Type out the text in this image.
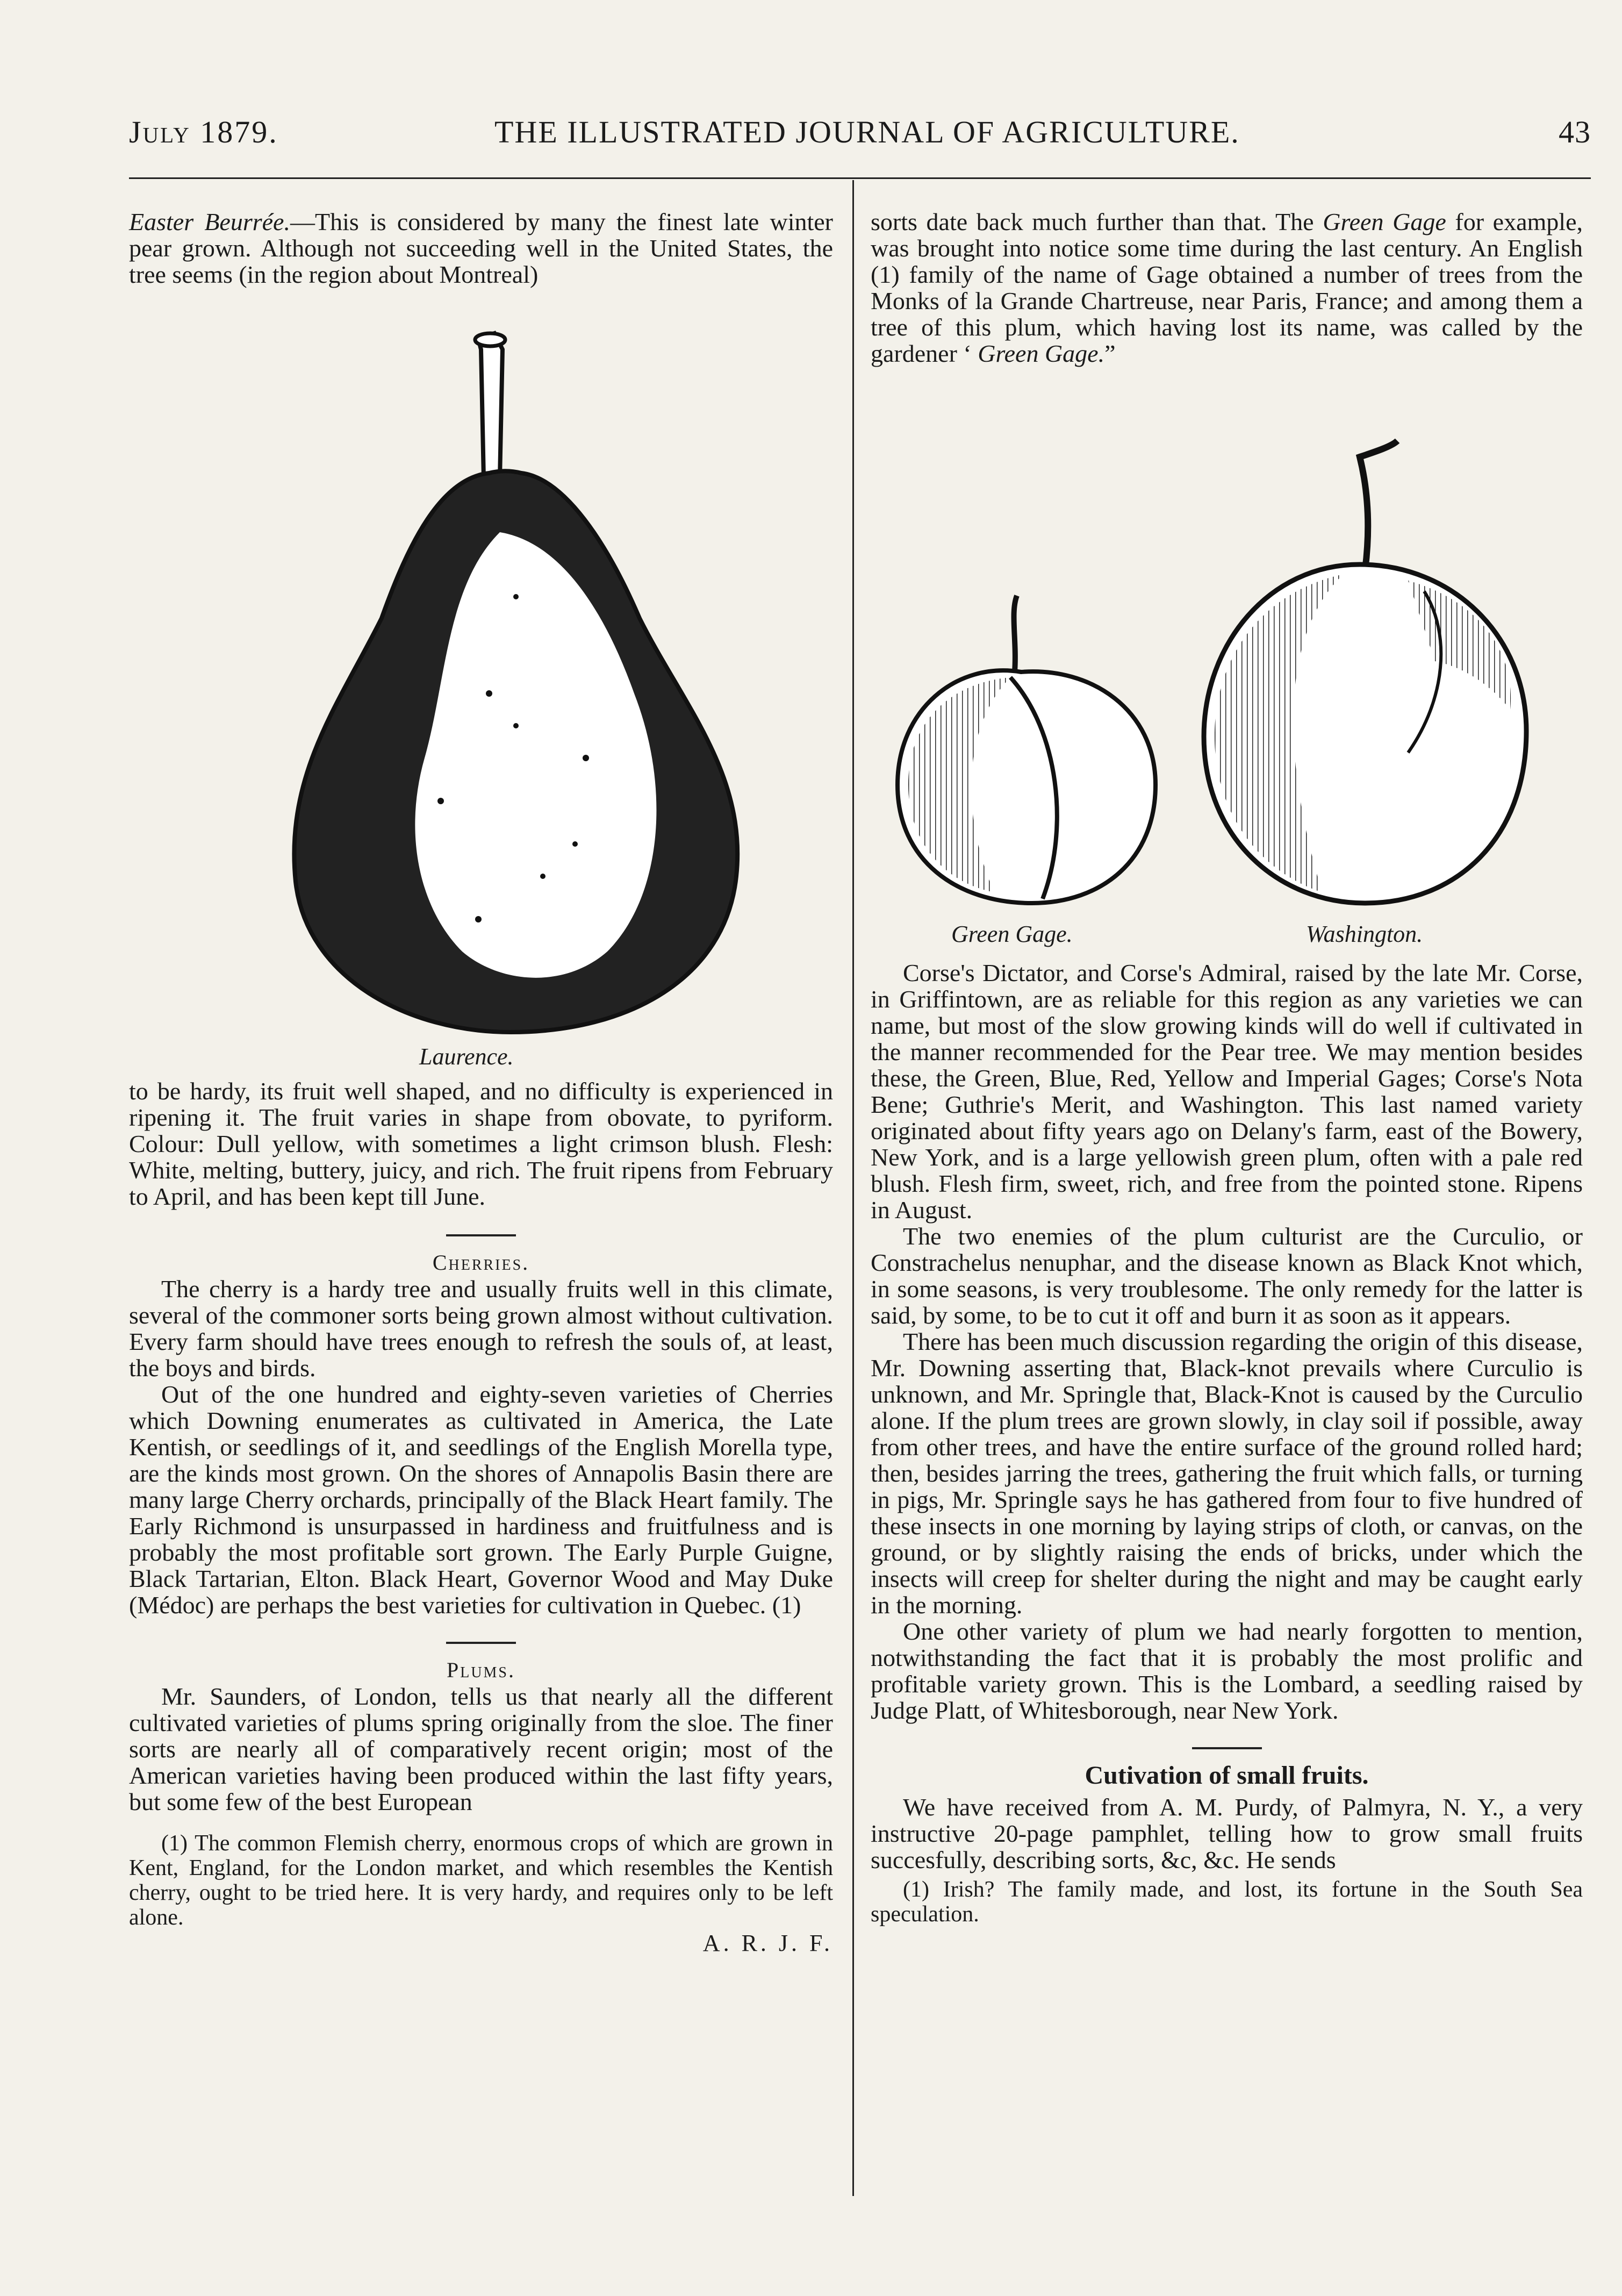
July 1879.	THE ILLUSTRATED JOURNAL OF AGRICULTURE.	43

Easter Beurrée.—This is considered by many the finest late winter pear grown. Although not succeeding well in the United States, the tree seems (in the region about Montreal)

Laurence.

to be hardy, its fruit well shaped, and no difficulty is experienced in ripening it. The fruit varies in shape from obovate, to pyriform. Colour: Dull yellow, with sometimes a light crimson blush. Flesh: White, melting, buttery, juicy, and rich. The fruit ripens from February to April, and has been kept till June.

Cherries.

The cherry is a hardy tree and usually fruits well in this climate, several of the commoner sorts being grown almost without cultivation. Every farm should have trees enough to refresh the souls of, at least, the boys and birds.

Out of the one hundred and eighty-seven varieties of Cherries which Downing enumerates as cultivated in America, the Late Kentish, or seedlings of it, and seedlings of the English Morella type, are the kinds most grown. On the shores of Annapolis Basin there are many large Cherry orchards, principally of the Black Heart family. The Early Richmond is unsurpassed in hardiness and fruitfulness and is probably the most profitable sort grown. The Early Purple Guigne, Black Tartarian, Elton. Black Heart, Governor Wood and May Duke (Médoc) are perhaps the best varieties for cultivation in Quebec. (1)

Plums.

Mr. Saunders, of London, tells us that nearly all the different cultivated varieties of plums spring originally from the sloe. The finer sorts are nearly all of comparatively recent origin; most of the American varieties having been produced within the last fifty years, but some few of the best European

(1) The common Flemish cherry, enormous crops of which are grown in Kent, England, for the London market, and which resembles the Kentish cherry, ought to be tried here. It is very hardy, and requires only to be left alone.

A. R. J. F.

sorts date back much further than that. The Green Gage for example, was brought into notice some time during the last century. An English (1) family of the name of Gage obtained a number of trees from the Monks of la Grande Chartreuse, near Paris, France; and among them a tree of this plum, which having lost its name, was called by the gardener ‘ Green Gage.”

Green Gage.	Washington.

Corse's Dictator, and Corse's Admiral, raised by the late Mr. Corse, in Griffintown, are as reliable for this region as any varieties we can name, but most of the slow growing kinds will do well if cultivated in the manner recommended for the Pear tree. We may mention besides these, the Green, Blue, Red, Yellow and Imperial Gages; Corse's Nota Bene; Guthrie's Merit, and Washington. This last named variety originated about fifty years ago on Delany's farm, east of the Bowery, New York, and is a large yellowish green plum, often with a pale red blush. Flesh firm, sweet, rich, and free from the pointed stone. Ripens in August.

The two enemies of the plum culturist are the Curculio, or Constrachelus nenuphar, and the disease known as Black Knot which, in some seasons, is very troublesome. The only remedy for the latter is said, by some, to be to cut it off and burn it as soon as it appears.

There has been much discussion regarding the origin of this disease, Mr. Downing asserting that, Black-knot prevails where Curculio is unknown, and Mr. Springle that, Black-Knot is caused by the Curculio alone. If the plum trees are grown slowly, in clay soil if possible, away from other trees, and have the entire surface of the ground rolled hard; then, besides jarring the trees, gathering the fruit which falls, or turning in pigs, Mr. Springle says he has gathered from four to five hundred of these insects in one morning by laying strips of cloth, or canvas, on the ground, or by slightly raising the ends of bricks, under which the insects will creep for shelter during the night and may be caught early in the morning.

One other variety of plum we had nearly forgotten to mention, notwithstanding the fact that it is probably the most prolific and profitable variety grown. This is the Lombard, a seedling raised by Judge Platt, of Whitesborough, near New York.

Cutivation of small fruits.

We have received from A. M. Purdy, of Palmyra, N. Y., a very instructive 20-page pamphlet, telling how to grow small fruits succesfully, describing sorts, &c, &c. He sends

(1) Irish? The family made, and lost, its fortune in the South Sea speculation.
